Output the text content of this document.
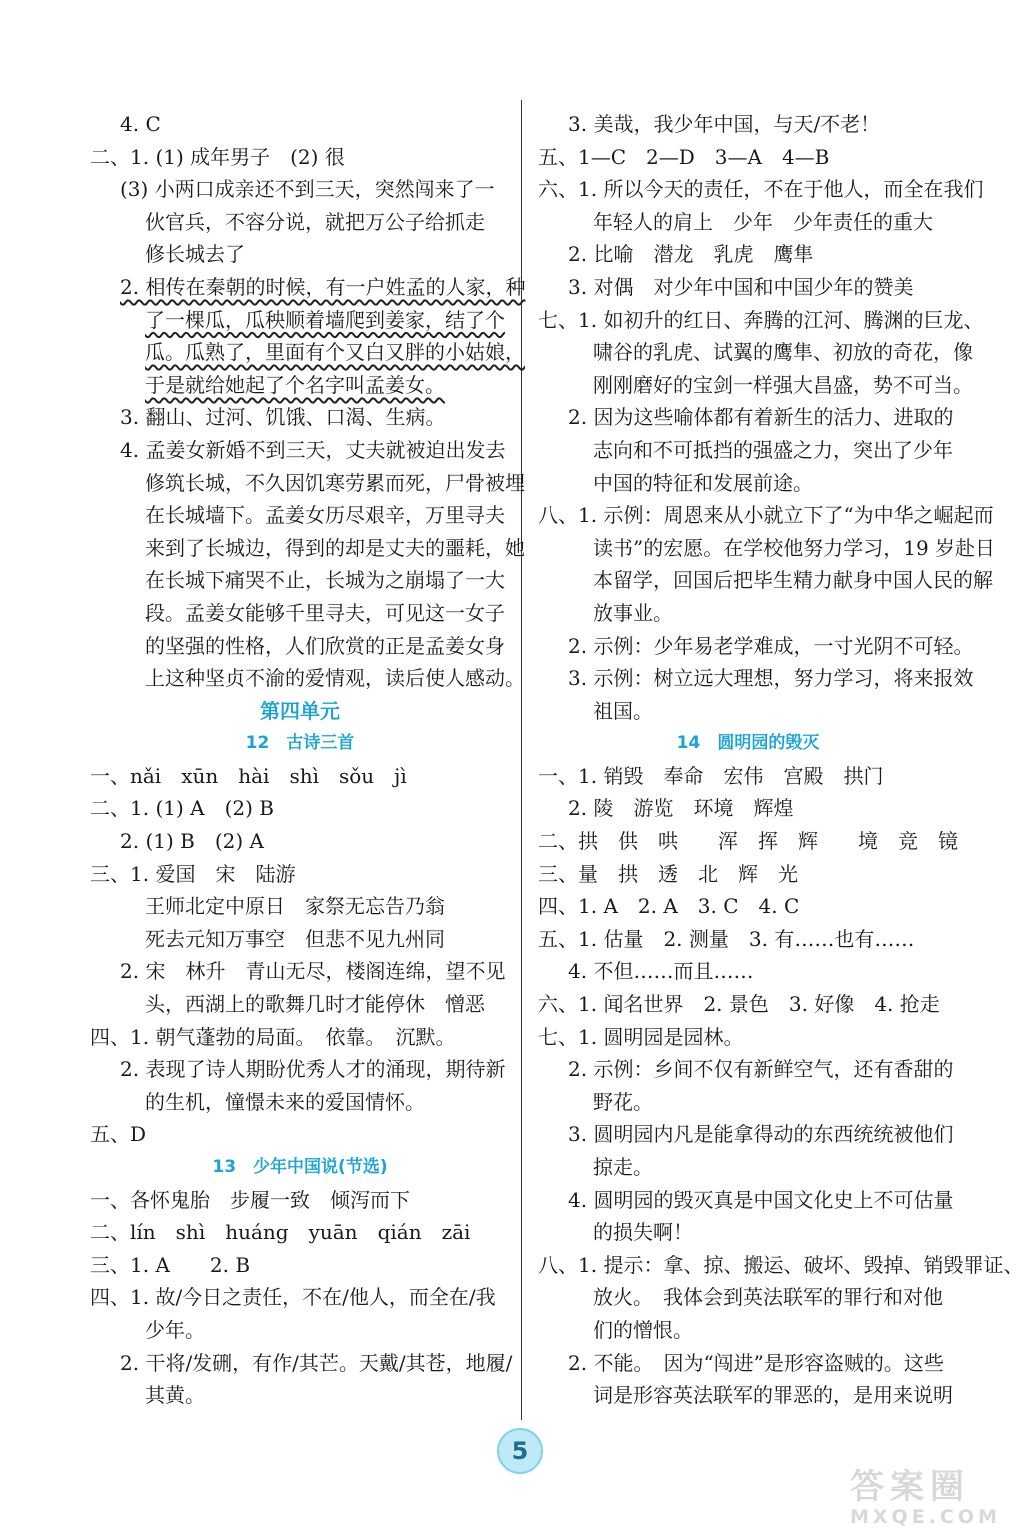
4. C
二、1. (1) 成年男子　(2) 很
(3) 小两口成亲还不到三天，突然闯来了一
伙官兵，不容分说，就把万公子给抓走
修长城去了
2. 相传在秦朝的时候，有一户姓孟的人家，种
了一棵瓜，瓜秧顺着墙爬到姜家，结了个
瓜。瓜熟了，里面有个又白又胖的小姑娘，
于是就给她起了个名字叫孟姜女。
3. 翻山、过河、饥饿、口渴、生病。
4. 孟姜女新婚不到三天，丈夫就被迫出发去
修筑长城，不久因饥寒劳累而死，尸骨被埋
在长城墙下。孟姜女历尽艰辛，万里寻夫
来到了长城边，得到的却是丈夫的噩耗，她
在长城下痛哭不止，长城为之崩塌了一大
段。孟姜女能够千里寻夫，可见这一女子
的坚强的性格，人们欣赏的正是孟姜女身
上这种坚贞不渝的爱情观，读后使人感动。
第四单元
12　古诗三首
一、nǎi　xūn　hài　shì　sǒu　jì
二、1. (1) A　(2) B
2. (1) B　(2) A
三、1. 爱国　宋　陆游
王师北定中原日　家祭无忘告乃翁
死去元知万事空　但悲不见九州同
2. 宋　林升　青山无尽，楼阁连绵，望不见
头，西湖上的歌舞几时才能停休　憎恶
四、1. 朝气蓬勃的局面。　依靠。　沉默。
2. 表现了诗人期盼优秀人才的涌现，期待新
的生机，憧憬未来的爱国情怀。
五、D
13　少年中国说(节选)
一、各怀鬼胎　步履一致　倾泻而下
二、lín　shì　huáng　yuān　qián　zāi
三、1. A　　2. B
四、1. 故/今日之责任，不在/他人，而全在/我
少年。
2. 干将/发硎，有作/其芒。天戴/其苍，地履/
其黄。
3. 美哉，我少年中国，与天/不老！
五、1—C　2—D　3—A　4—B
六、1. 所以今天的责任，不在于他人，而全在我们
年轻人的肩上　少年　少年责任的重大
2. 比喻　潜龙　乳虎　鹰隼
3. 对偶　对少年中国和中国少年的赞美
七、1. 如初升的红日、奔腾的江河、腾渊的巨龙、
啸谷的乳虎、试翼的鹰隼、初放的奇花，像
刚刚磨好的宝剑一样强大昌盛，势不可当。
2. 因为这些喻体都有着新生的活力、进取的
志向和不可抵挡的强盛之力，突出了少年
中国的特征和发展前途。
八、1. 示例：周恩来从小就立下了“为中华之崛起而
读书”的宏愿。在学校他努力学习，19 岁赴日
本留学，回国后把毕生精力献身中国人民的解
放事业。
2. 示例：少年易老学难成，一寸光阴不可轻。
3. 示例：树立远大理想，努力学习，将来报效
祖国。
14　圆明园的毁灭
一、1. 销毁　奉命　宏伟　宫殿　拱门
2. 陵　游览　环境　辉煌
二、拱　供　哄　　浑　挥　辉　　境　竞　镜
三、量　拱　透　北　辉　光
四、1. A　2. A　3. C　4. C
五、1. 估量　2. 测量　3. 有……也有……
4. 不但……而且……
六、1. 闻名世界　2. 景色　3. 好像　4. 抢走
七、1. 圆明园是园林。
2. 示例：乡间不仅有新鲜空气，还有香甜的
野花。
3. 圆明园内凡是能拿得动的东西统统被他们
掠走。
4. 圆明园的毁灭真是中国文化史上不可估量
的损失啊！
八、1. 提示：拿、掠、搬运、破坏、毁掉、销毁罪证、
放火。　我体会到英法联军的罪行和对他
们的憎恨。
2. 不能。　因为“闯进”是形容盗贼的。这些
词是形容英法联军的罪恶的，是用来说明
5
答案圈
MXQE.COM
